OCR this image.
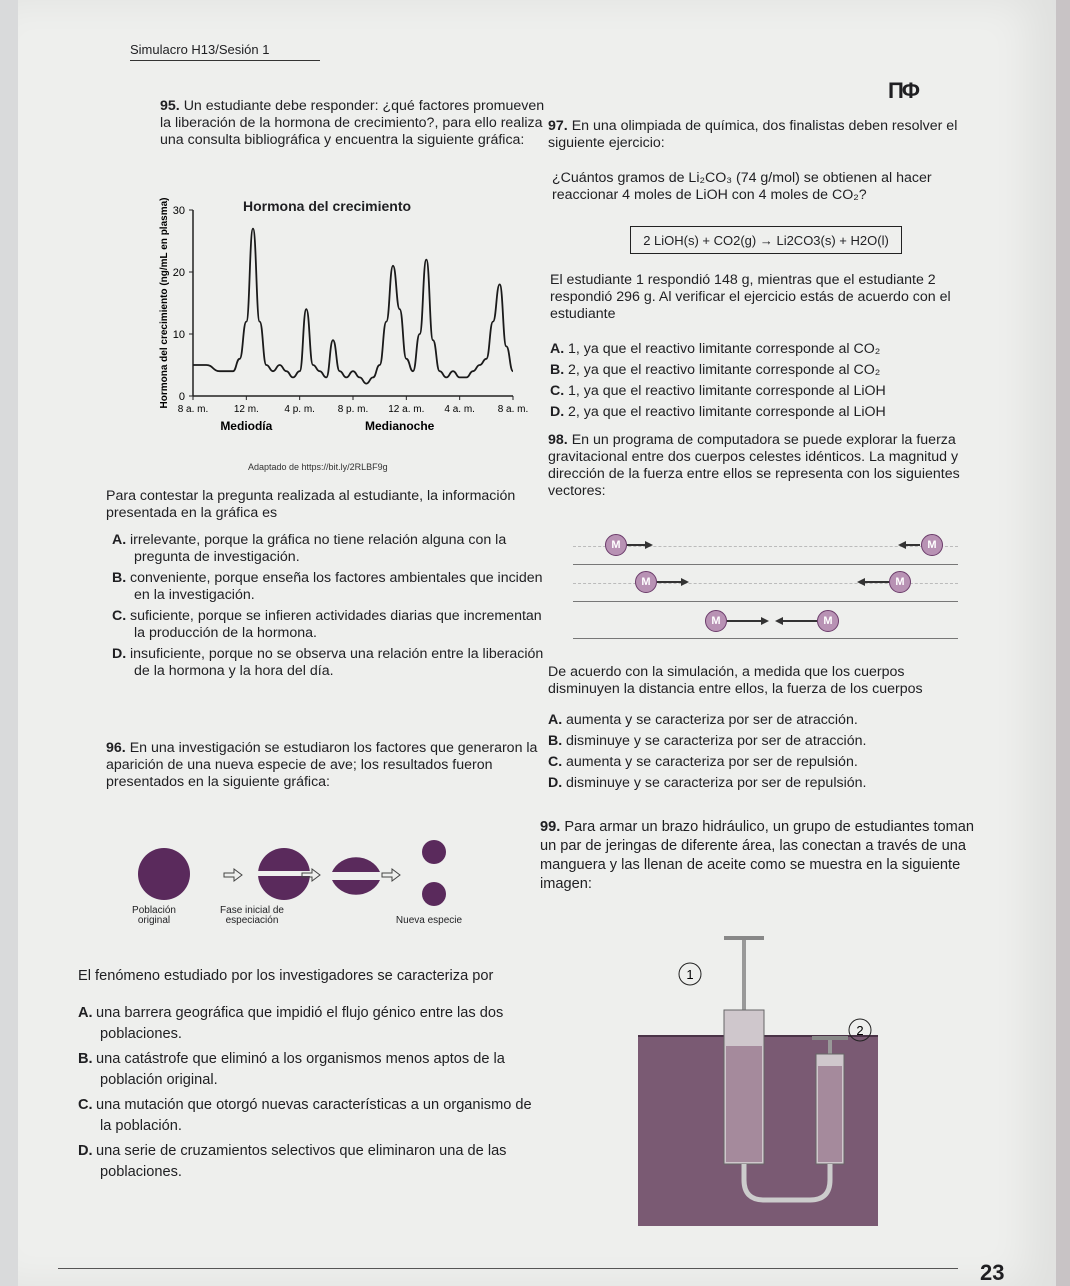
Simulacro H13/Sesión 1
ΠΦ

95. Un estudiante debe responder: ¿qué factores promueven la liberación de la hormona de crecimiento?, para ello realiza una consulta bibliográfica y encuentra la siguiente gráfica:

Hormona del crecimiento
0
10
20
30
8 a. m.	12 m.	4 p. m. 8 p. m. 12 a. m. 4 a. m. 8 a. m.
Mediodía	Medianoche
Hormona del crecimiento (ng/mL en plasma)
Adaptado de https://bit.ly/2RLBF9g

Para contestar la pregunta realizada al estudiante, la información presentada en la gráfica es

A. irrelevante, porque la gráfica no tiene relación alguna con la pregunta de investigación.

B. conveniente, porque enseña los factores ambientales que inciden en la investigación.

C. suficiente, porque se infieren actividades diarias que incrementan la producción de la hormona.

D. insuficiente, porque no se observa una relación entre la liberación de la hormona y la hora del día.

96. En una investigación se estudiaron los factores que generaron la aparición de una nueva especie de ave; los resultados fueron presentados en la siguiente gráfica:

Población original
Fase inicial de especiación	Nueva especie

El fenómeno estudiado por los investigadores se caracteriza por

A. una barrera geográfica que impidió el flujo génico entre las dos poblaciones.

B. una catástrofe que eliminó a los organismos menos aptos de la población original.

C. una mutación que otorgó nuevas características a un organismo de la población.

D. una serie de cruzamientos selectivos que eliminaron una de las poblaciones.

97. En una olimpiada de química, dos finalistas deben resolver el siguiente ejercicio:

¿Cuántos gramos de Li₂CO₃ (74 g/mol) se obtienen al hacer reaccionar 4 moles de LiOH con 4 moles de CO₂?

2 LiOH(s) + CO2(g) → Li2CO3(s) + H2O(l)

El estudiante 1 respondió 148 g, mientras que el estudiante 2 respondió 296 g. Al verificar el ejercicio estás de acuerdo con el estudiante

A. 1, ya que el reactivo limitante corresponde al CO₂

B. 2, ya que el reactivo limitante corresponde al CO₂

C. 1, ya que el reactivo limitante corresponde al LiOH

D. 2, ya que el reactivo limitante corresponde al LiOH

98. En un programa de computadora se puede explorar la fuerza gravitacional entre dos cuerpos celestes idénticos. La magnitud y dirección de la fuerza entre ellos se representa con los siguientes vectores:

M	M
M	M
M	M

De acuerdo con la simulación, a medida que los cuerpos disminuyen la distancia entre ellos, la fuerza de los cuerpos

A. aumenta y se caracteriza por ser de atracción.

B. disminuye y se caracteriza por ser de atracción.

C. aumenta y se caracteriza por ser de repulsión.

D. disminuye y se caracteriza por ser de repulsión.

99. Para armar un brazo hidráulico, un grupo de estudiantes toman un par de jeringas de diferente área, las conectan a través de una manguera y las llenan de aceite como se muestra en la siguiente imagen:

1
2
23
